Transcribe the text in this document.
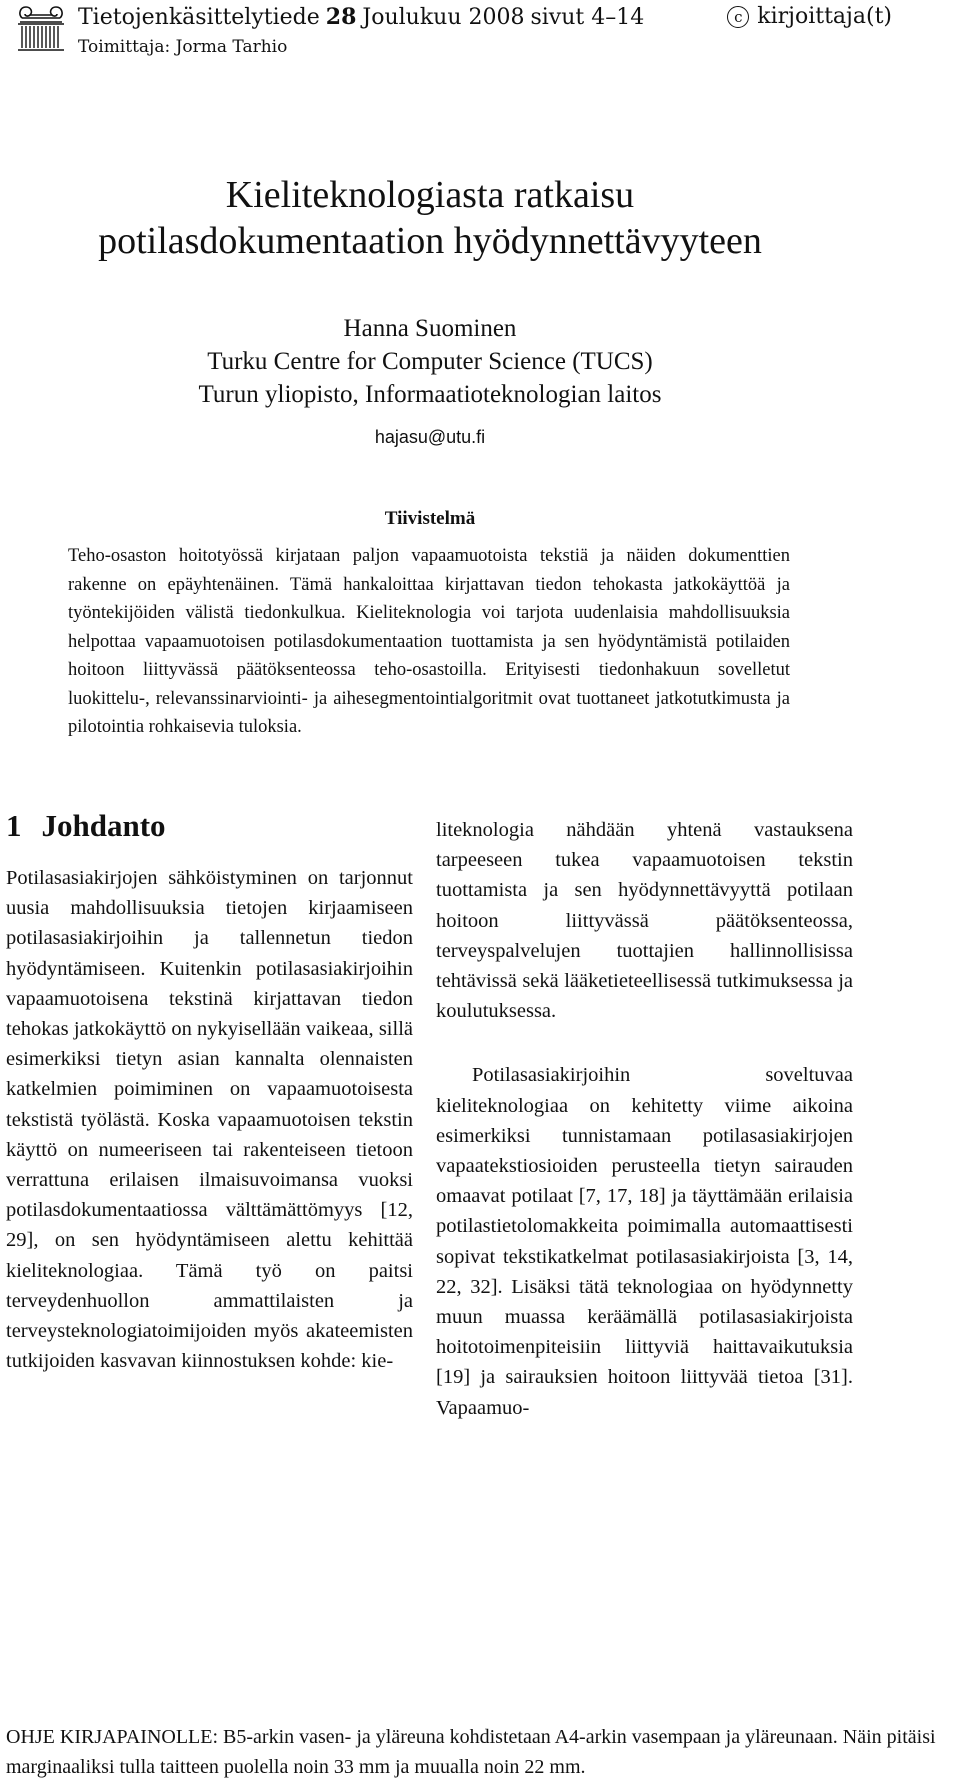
Tietojenkäsittelytiede 28 Joulukuu 2008 sivut 4–14
Toimittaja: Jorma Tarhio
c kirjoittaja(t)
Kieliteknologiasta ratkaisu
potilasdokumentaation hyödynnettävyyteen
Hanna Suominen
Turku Centre for Computer Science (TUCS)
Turun yliopisto, Informaatioteknologian laitos
hajasu@utu.fi
Tiivistelmä

Teho-osaston hoitotyössä kirjataan paljon vapaamuotoista tekstiä ja näiden dokumenttien rakenne on epäyhtenäinen. Tämä hankaloittaa kirjattavan tiedon tehokasta jatkokäyttöä ja työntekijöiden välistä tiedonkulkua. Kieliteknologia voi tarjota uudenlaisia mahdollisuuksia helpottaa vapaamuotoisen potilasdokumentaation tuottamista ja sen hyödyntämistä potilaiden hoitoon liittyvässä päätöksenteossa teho-osastoilla. Erityisesti tiedonhakuun sovelletut luokittelu-, relevanssinarviointi- ja aihesegmentointialgoritmit ovat tuottaneet jatkotutkimusta ja pilotointia rohkaisevia tuloksia.

1 Johdanto

Potilasasiakirjojen sähköistyminen on tarjonnut uusia mahdollisuuksia tietojen kirjaamiseen potilasasiakirjoihin ja tallennetun tiedon hyödyntämiseen. Kuitenkin potilasasiakirjoihin vapaamuotoisena tekstinä kirjattavan tiedon tehokas jatkokäyttö on nykyisellään vaikeaa, sillä esimerkiksi tietyn asian kannalta olennaisten katkelmien poimiminen on vapaamuotoisesta tekstistä työlästä. Koska vapaamuotoisen tekstin käyttö on numeeriseen tai rakenteiseen tietoon verrattuna erilaisen ilmaisuvoimansa vuoksi potilasdokumentaatiossa välttämättömyys [12, 29], on sen hyödyntämiseen alettu kehittää kieliteknologiaa. Tämä työ on paitsi terveydenhuollon ammattilaisten ja terveysteknologiatoimijoiden myös akateemisten tutkijoiden kasvavan kiinnostuksen kohde: kie-

liteknologia nähdään yhtenä vastauksena tarpeeseen tukea vapaamuotoisen tekstin tuottamista ja sen hyödynnettävyyttä potilaan hoitoon liittyvässä päätöksenteossa, terveyspalvelujen tuottajien hallinnollisissa tehtävissä sekä lääketieteellisessä tutkimuksessa ja koulutuksessa.

Potilasasiakirjoihin soveltuvaa kieliteknologiaa on kehitetty viime aikoina esimerkiksi tunnistamaan potilasasiakirjojen vapaatekstiosioiden perusteella tietyn sairauden omaavat potilaat [7, 17, 18] ja täyttämään erilaisia potilastietolomakkeita poimimalla automaattisesti sopivat tekstikatkelmat potilasasiakirjoista [3, 14, 22, 32]. Lisäksi tätä teknologiaa on hyödynnetty muun muassa keräämällä potilasasiakirjoista hoitotoimenpiteisiin liittyviä haittavaikutuksia [19] ja sairauksien hoitoon liittyvää tietoa [31]. Vapaamuo-

OHJE KIRJAPAINOLLE: B5-arkin vasen- ja yläreuna kohdistetaan A4-arkin vasempaan ja yläreunaan. Näin pitäisi marginaaliksi tulla taitteen puolella noin 33 mm ja muualla noin 22 mm.
